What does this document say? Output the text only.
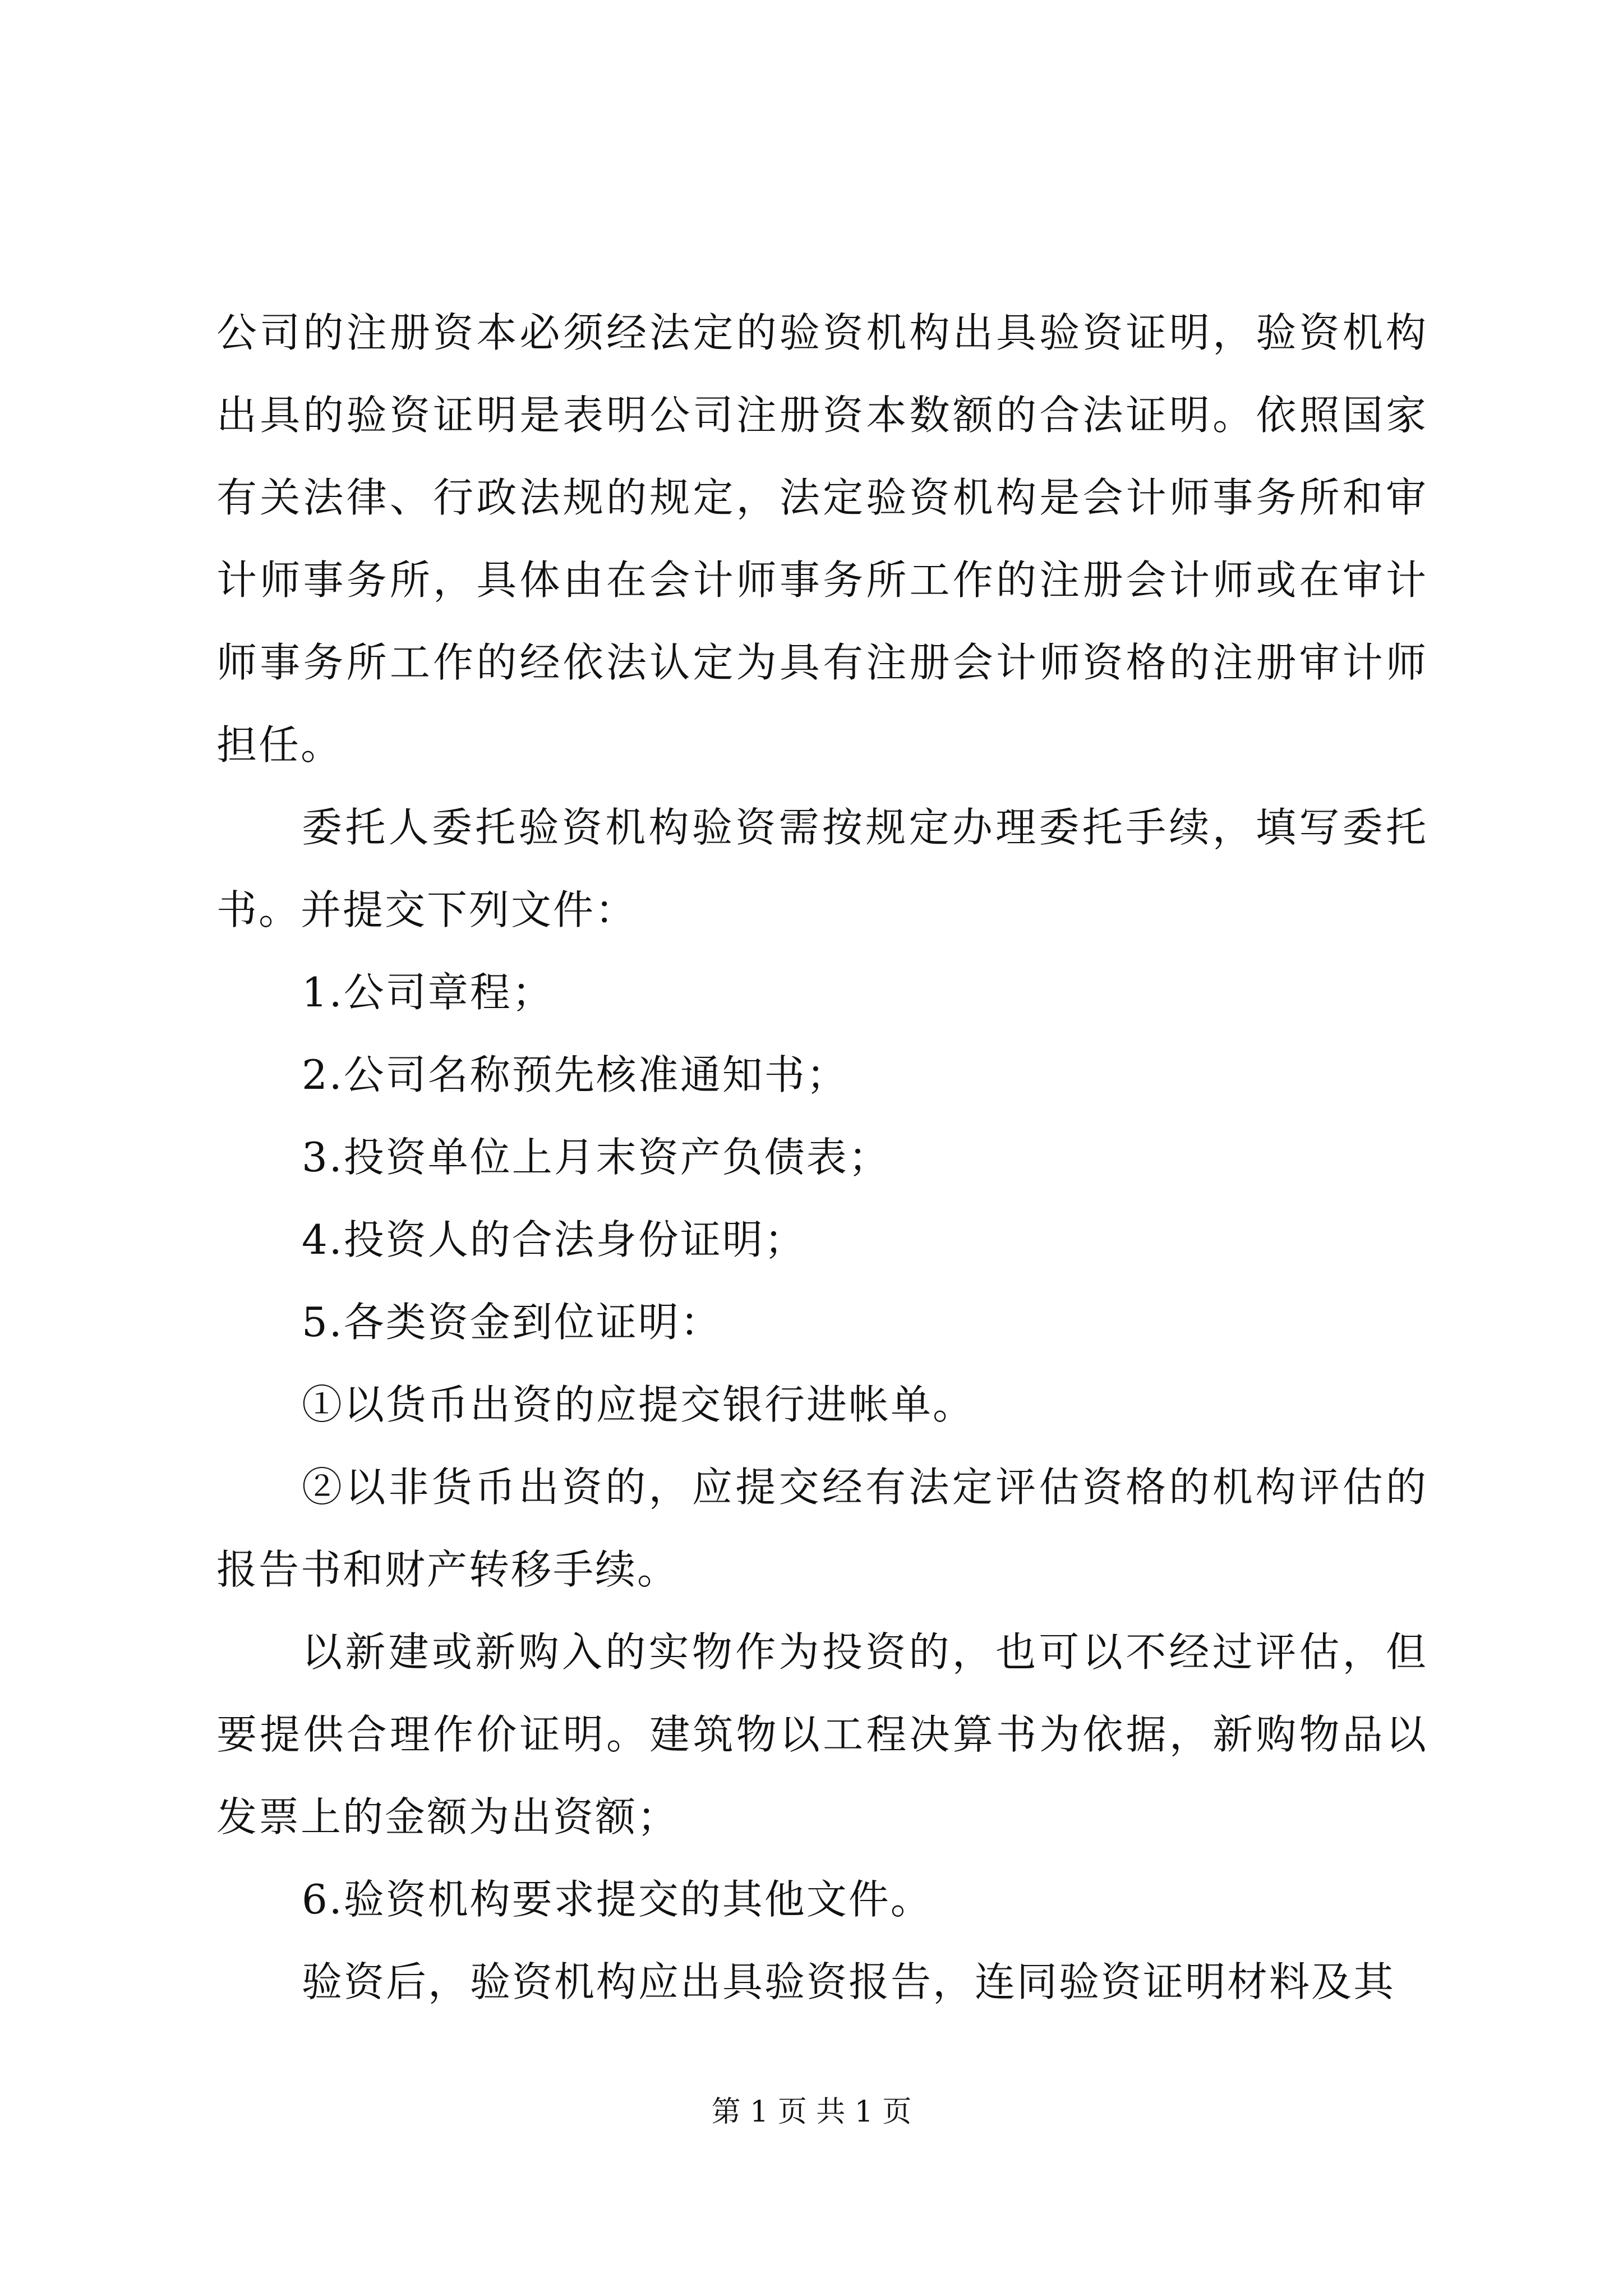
公司的注册资本必须经法定的验资机构出具验资证明，验资机构出具的验资证明是表明公司注册资本数额的合法证明。依照国家有关法律、行政法规的规定，法定验资机构是会计师事务所和审计师事务所，具体由在会计师事务所工作的注册会计师或在审计师事务所工作的经依法认定为具有注册会计师资格的注册审计师担任。

委托人委托验资机构验资需按规定办理委托手续，填写委托书。并提交下列文件：

1.公司章程；

2.公司名称预先核准通知书；

3.投资单位上月末资产负债表；

4.投资人的合法身份证明；

5.各类资金到位证明：

①以货币出资的应提交银行进帐单。

②以非货币出资的，应提交经有法定评估资格的机构评估的报告书和财产转移手续。

以新建或新购入的实物作为投资的，也可以不经过评估，但要提供合理作价证明。建筑物以工程决算书为依据，新购物品以发票上的金额为出资额；

6.验资机构要求提交的其他文件。

验资后，验资机构应出具验资报告，连同验资证明材料及其

第 1 页 共 1 页
